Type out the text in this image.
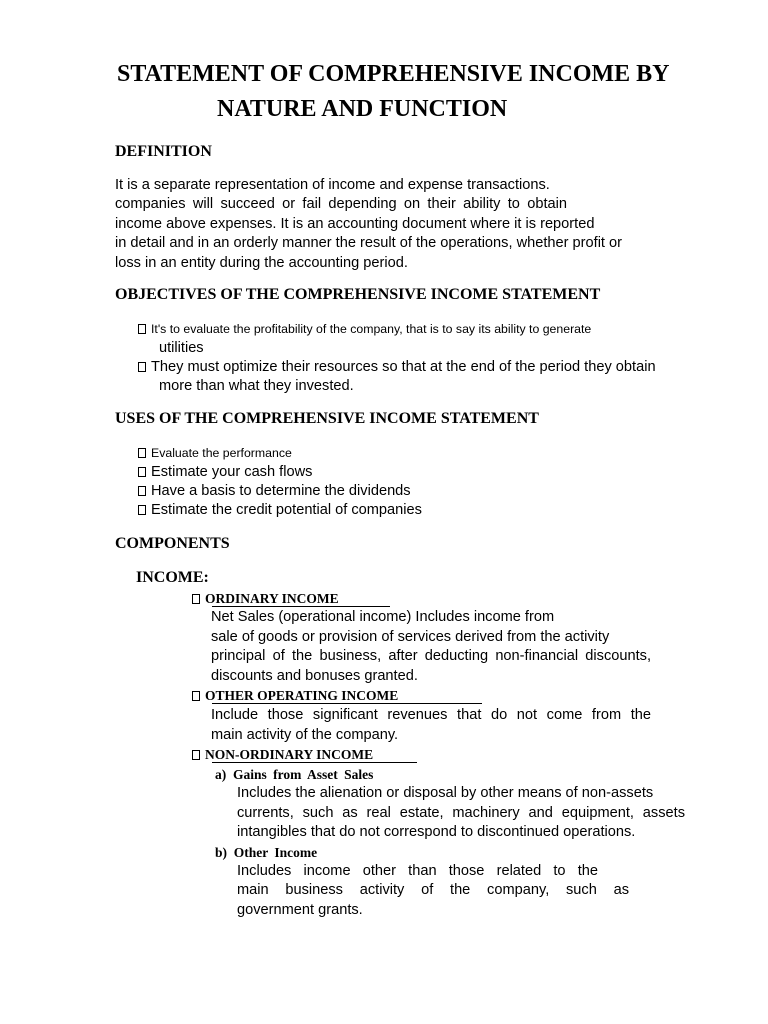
STATEMENT OF COMPREHENSIVE INCOME BY
NATURE AND FUNCTION
DEFINITION
It is a separate representation of income and expense transactions.
companies will succeed or fail depending on their ability to obtain
income above expenses. It is an accounting document where it is reported
in detail and in an orderly manner the result of the operations, whether profit or
loss in an entity during the accounting period.
OBJECTIVES OF THE COMPREHENSIVE INCOME STATEMENT
It's to evaluate the profitability of the company, that is to say its ability to generate
utilities
They must optimize their resources so that at the end of the period they obtain
more than what they invested.
USES OF THE COMPREHENSIVE INCOME STATEMENT
Evaluate the performance
Estimate your cash flows
Have a basis to determine the dividends
Estimate the credit potential of companies
COMPONENTS
INCOME:
ORDINARY INCOME
Net Sales (operational income) Includes income from
sale of goods or provision of services derived from the activity
principal of the business, after deducting non-financial discounts,
discounts and bonuses granted.
OTHER OPERATING INCOME
Include those significant revenues that do not come from the
main activity of the company.
NON-ORDINARY INCOME
a) Gains from Asset Sales
Includes the alienation or disposal by other means of non-assets
currents, such as real estate, machinery and equipment, assets
intangibles that do not correspond to discontinued operations.
b) Other Income
Includes income other than those related to the
main business activity of the company, such as
government grants.
